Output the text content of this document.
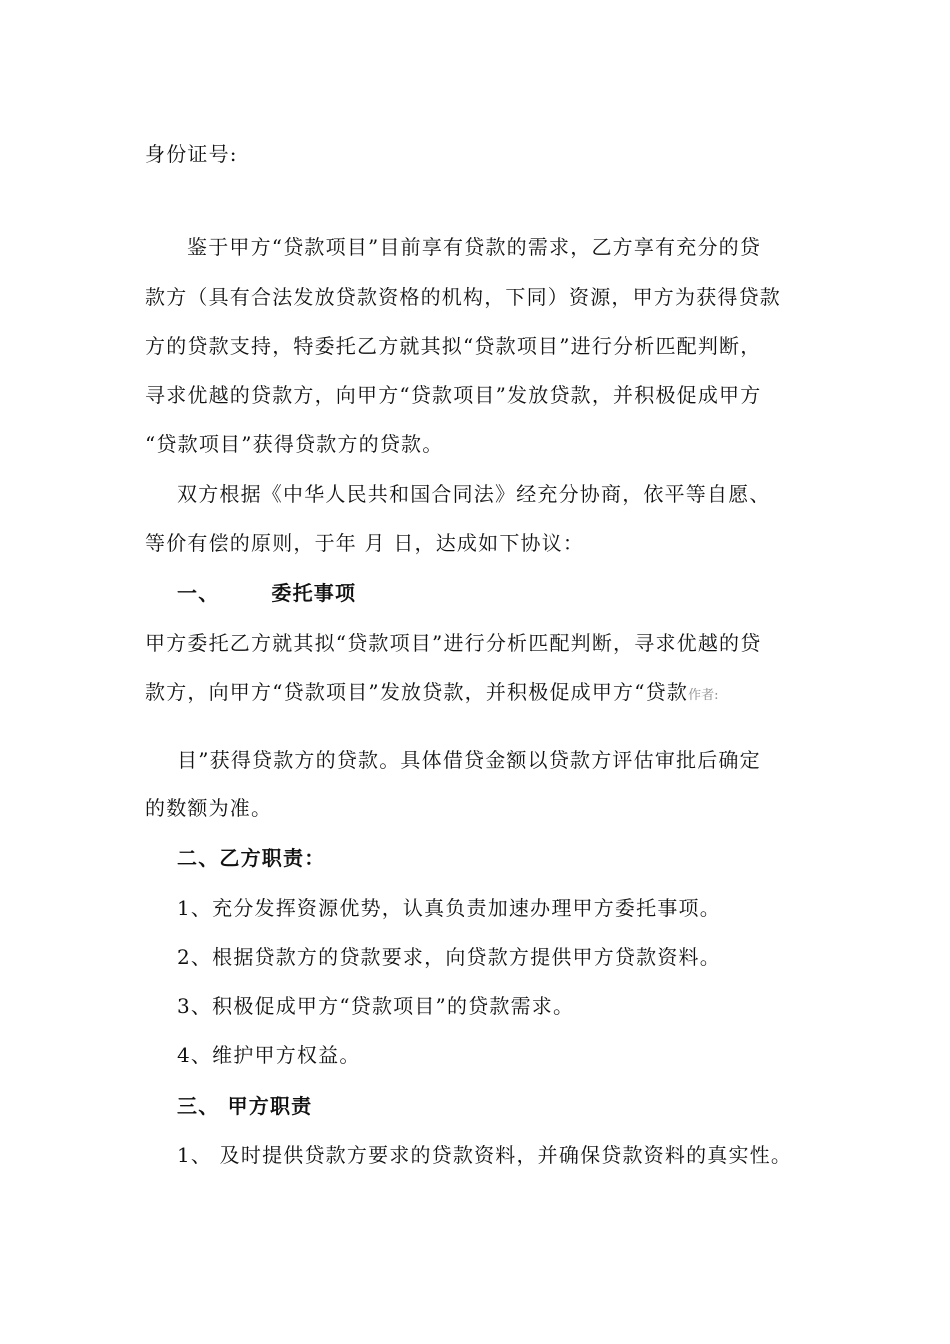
身份证号:
鉴于甲方“贷款项目”目前享有贷款的需求，乙方享有充分的贷
款方（具有合法发放贷款资格的机构，下同）资源，甲方为获得贷款
方的贷款支持，特委托乙方就其拟“贷款项目”进行分析匹配判断，
寻求优越的贷款方，向甲方“贷款项目”发放贷款，并积极促成甲方
“贷款项目”获得贷款方的贷款。
双方根据《中华人民共和国合同法》经充分协商，依平等自愿、
等价有偿的原则，于年 月 日，达成如下协议：
一、	委托事项
甲方委托乙方就其拟“贷款项目”进行分析匹配判断，寻求优越的贷
款方，向甲方“贷款项目”发放贷款，并积极促成甲方“贷款作者:
目”获得贷款方的贷款。具体借贷金额以贷款方评估审批后确定
的数额为准。
二、乙方职责：
1、充分发挥资源优势，认真负责加速办理甲方委托事项。
2、根据贷款方的贷款要求，向贷款方提供甲方贷款资料。
3、积极促成甲方“贷款项目”的贷款需求。
4、维护甲方权益。
三、 甲方职责
1、 及时提供贷款方要求的贷款资料，并确保贷款资料的真实性。
